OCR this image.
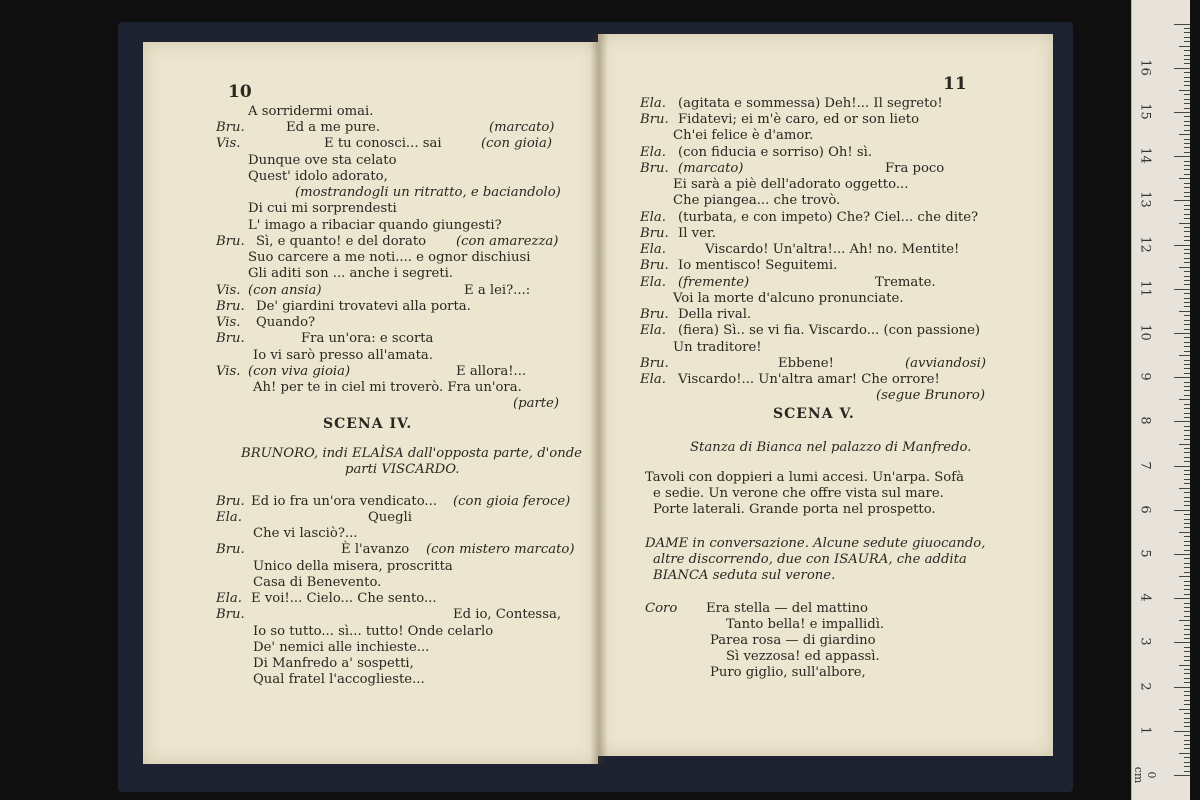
10
A sorridermi omai.
Bru.	Ed a me pure.	(marcato)
Vis.	E tu conosci... sai	(con gioia)
Dunque ove sta celato
Quest' idolo adorato,
(mostrandogli un ritratto, e baciandolo)
Di cui mi sorprendesti
L' imago a ribaciar quando giungesti?
Bru. Sì, e quanto! e del dorato (con amarezza)
Suo carcere a me noti.... e ognor dischiusi
Gli aditi son ... anche i segreti.
Vis. (con ansia)	E a lei?...:
Bru. De' giardini trovatevi alla porta.
Vis. Quando?
Bru.	Fra un'ora: e scorta
Io vi sarò presso all'amata.
Vis. (con viva gioia)	E allora!...
Ah! per te in ciel mi troverò. Fra un'ora.
(parte)
SCENA IV.
BRUNORO, indi ELAÌSA dall'opposta parte, d'onde
parti VISCARDO.
Bru. Ed io fra un'ora vendicato... (con gioia feroce)
Ela.	Quegli
Che vi lasciò?...
Bru.	È l'avanzo (con mistero marcato)
Unico della misera, proscritta
Casa di Benevento.
Ela. E voi!... Cielo... Che sento...
Bru.	Ed io, Contessa,
Io so tutto... sì... tutto! Onde celarlo
De' nemici alle inchieste...
Di Manfredo a' sospetti,
Qual fratel l'accoglieste...
11
Ela. (agitata e sommessa) Deh!... Il segreto!
Bru. Fidatevi; ei m'è caro, ed or son lieto
Ch'ei felice è d'amor.
Ela. (con fiducia e sorriso) Oh! sì.
Bru. (marcato)	Fra poco
Ei sarà a piè dell'adorato oggetto...
Che piangea... che trovò.
Ela. (turbata, e con impeto) Che? Ciel... che dite?
Bru. Il ver.
Ela.	Viscardo! Un'altra!... Ah! no. Mentite!
Bru. Io mentisco! Seguitemi.
Ela. (fremente)	Tremate.
Voi la morte d'alcuno pronunciate.
Bru. Della rival.
Ela. (fiera) Sì.. se vi fia. Viscardo... (con passione)
Un traditore!
Bru.	Ebbene!	(avviandosi)
Ela. Viscardo!... Un'altra amar! Che orrore!
(segue Brunoro)
SCENA V.
Stanza di Bianca nel palazzo di Manfredo.
Tavoli con doppieri a lumi accesi. Un'arpa. Sofà
e sedie. Un verone che offre vista sul mare.
Porte laterali. Grande porta nel prospetto.
DAME in conversazione. Alcune sedute giuocando,
altre discorrendo, due con ISAURA, che addita
BIANCA seduta sul verone.
Coro Era stella — del mattino
Tanto bella! e impallidì.
Parea rosa — di giardino
Sì vezzosa! ed appassì.
Puro giglio, sull'albore,
0 cm
1
2
3
4
5
6
7
8
9
10
11
12
13
14
15
16
